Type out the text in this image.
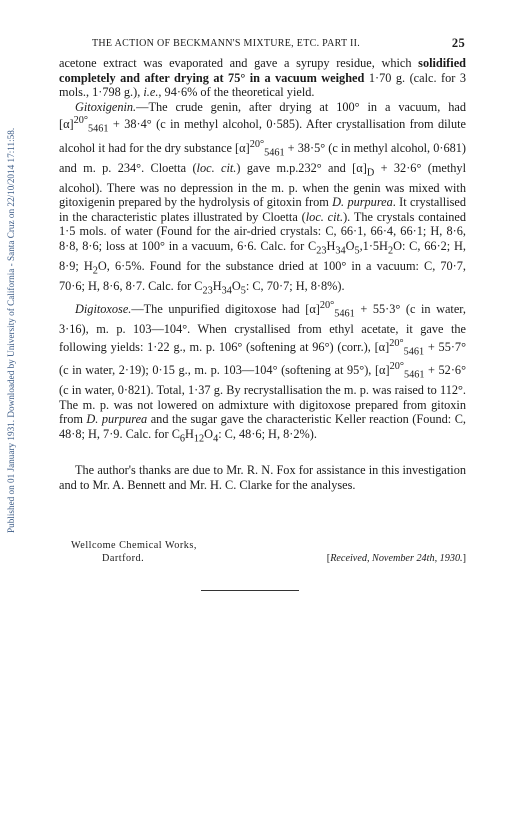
Published on 01 January 1931. Downloaded by University of California - Santa Cruz on 22/10/2014 17:11:58.
THE ACTION OF BECKMANN'S MIXTURE, ETC. PART II.	25

acetone extract was evaporated and gave a syrupy residue, which solidified completely and after drying at 75° in a vacuum weighed 1·70 g. (calc. for 3 mols., 1·798 g.), i.e., 94·6% of the theoretical yield.

Gitoxigenin.—The crude genin, after drying at 100° in a vacuum, had $[\alpha]^{20^\circ}_{5461} + 38\cdot 4^\circ$ (c in methyl alcohol, 0·585). After crystallisation from dilute alcohol it had for the dry substance $[\alpha]^{20^\circ}_{5461} + 38\cdot 5^\circ$ (c in methyl alcohol, 0·681) and m. p. 234°. Cloetta (loc. cit.) gave m.p.232° and $[\alpha]_D + 32\cdot 6^\circ$ (methyl alcohol). There was no depression in the m. p. when the genin was mixed with gitoxigenin prepared by the hydrolysis of gitoxin from D. purpurea. It crystallised in the characteristic plates illustrated by Cloetta (loc. cit.). The crystals contained 1·5 mols. of water (Found for the air-dried crystals: C, 66·1, 66·4, 66·1; H, 8·6, 8·8, 8·6; loss at 100° in a vacuum, 6·6. Calc. for $C_{23}H_{34}O_5,1\cdot 5H_2O$: C, 66·2; H, 8·9; $H_2O$, 6·5%. Found for the substance dried at 100° in a vacuum: C, 70·7, 70·6; H, 8·6, 8·7. Calc. for $C_{23}H_{34}O_5$: C, 70·7; H, 8·8%).

Digitoxose.—The unpurified digitoxose had $[\alpha]^{20^\circ}_{5461} + 55\cdot 3^\circ$ (c in water, 3·16), m. p. 103—104°. When crystallised from ethyl acetate, it gave the following yields: 1·22 g., m. p. 106° (softening at 96°) (corr.), $[\alpha]^{20^\circ}_{5461} + 55\cdot 7^\circ$ (c in water, 2·19); 0·15 g., m. p. 103—104° (softening at 95°), $[\alpha]^{20^\circ}_{5461} + 52\cdot 6^\circ$ (c in water, 0·821). Total, 1·37 g. By recrystallisation the m. p. was raised to 112°. The m. p. was not lowered on admixture with digitoxose prepared from gitoxin from D. purpurea and the sugar gave the characteristic Keller reaction (Found: C, 48·8; H, 7·9. Calc. for $C_6H_{12}O_4$: C, 48·6; H, 8·2%).

The author's thanks are due to Mr. R. N. Fox for assistance in this investigation and to Mr. A. Bennett and Mr. H. C. Clarke for the analyses.

Wellcome Chemical Works,
Dartford.	[Received, November 24th, 1930.]
